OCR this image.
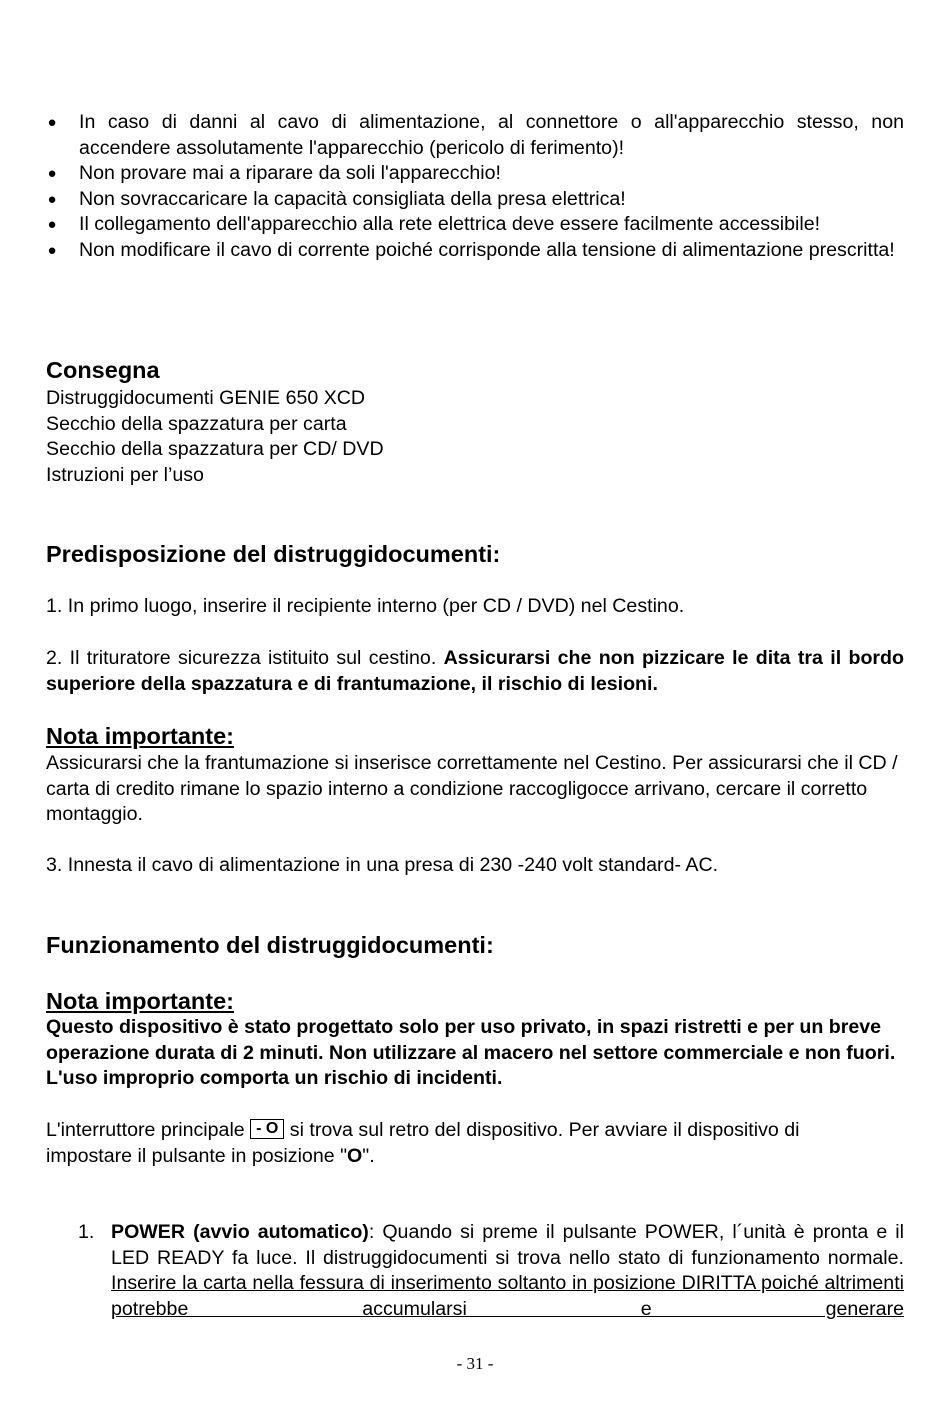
● In caso di danni al cavo di alimentazione, al connettore o all'apparecchio stesso, non accendere assolutamente l'apparecchio (pericolo di ferimento)!
● Non provare mai a riparare da soli l'apparecchio!
● Non sovraccaricare la capacità consigliata della presa elettrica!
● Il collegamento dell'apparecchio alla rete elettrica deve essere facilmente accessibile!
● Non modificare il cavo di corrente poiché corrisponde alla tensione di alimentazione prescritta!
Consegna
Distruggidocumenti GENIE 650 XCD
Secchio della spazzatura per carta
Secchio della spazzatura per CD/ DVD
Istruzioni per l’uso
Predisposizione del distruggidocumenti:
1. In primo luogo, inserire il recipiente interno (per CD / DVD) nel Cestino.
2. Il trituratore sicurezza istituito sul cestino. Assicurarsi che non pizzicare le dita tra il bordo superiore della spazzatura e di frantumazione, il rischio di lesioni.
Nota importante:
Assicurarsi che la frantumazione si inserisce correttamente nel Cestino. Per assicurarsi che il CD / carta di credito rimane lo spazio interno a condizione raccogligocce arrivano, cercare il corretto montaggio.
3. Innesta il cavo di alimentazione in una presa di 230 -240 volt standard- AC.
Funzionamento del distruggidocumenti:
Nota importante:
Questo dispositivo è stato progettato solo per uso privato, in spazi ristretti e per un breve operazione durata di 2 minuti. Non utilizzare al macero nel settore commerciale e non fuori. L'uso improprio comporta un rischio di incidenti.
L'interruttore principale - O si trova sul retro del dispositivo. Per avviare il dispositivo di impostare il pulsante in posizione "O".
1. POWER (avvio automatico): Quando si preme il pulsante POWER, l´unità è pronta e il LED READY fa luce. Il distruggidocumenti si trova nello stato di funzionamento normale. Inserire la carta nella fessura di inserimento soltanto in posizione DIRITTA poiché altrimenti potrebbe accumularsi e generare
- 31 -
